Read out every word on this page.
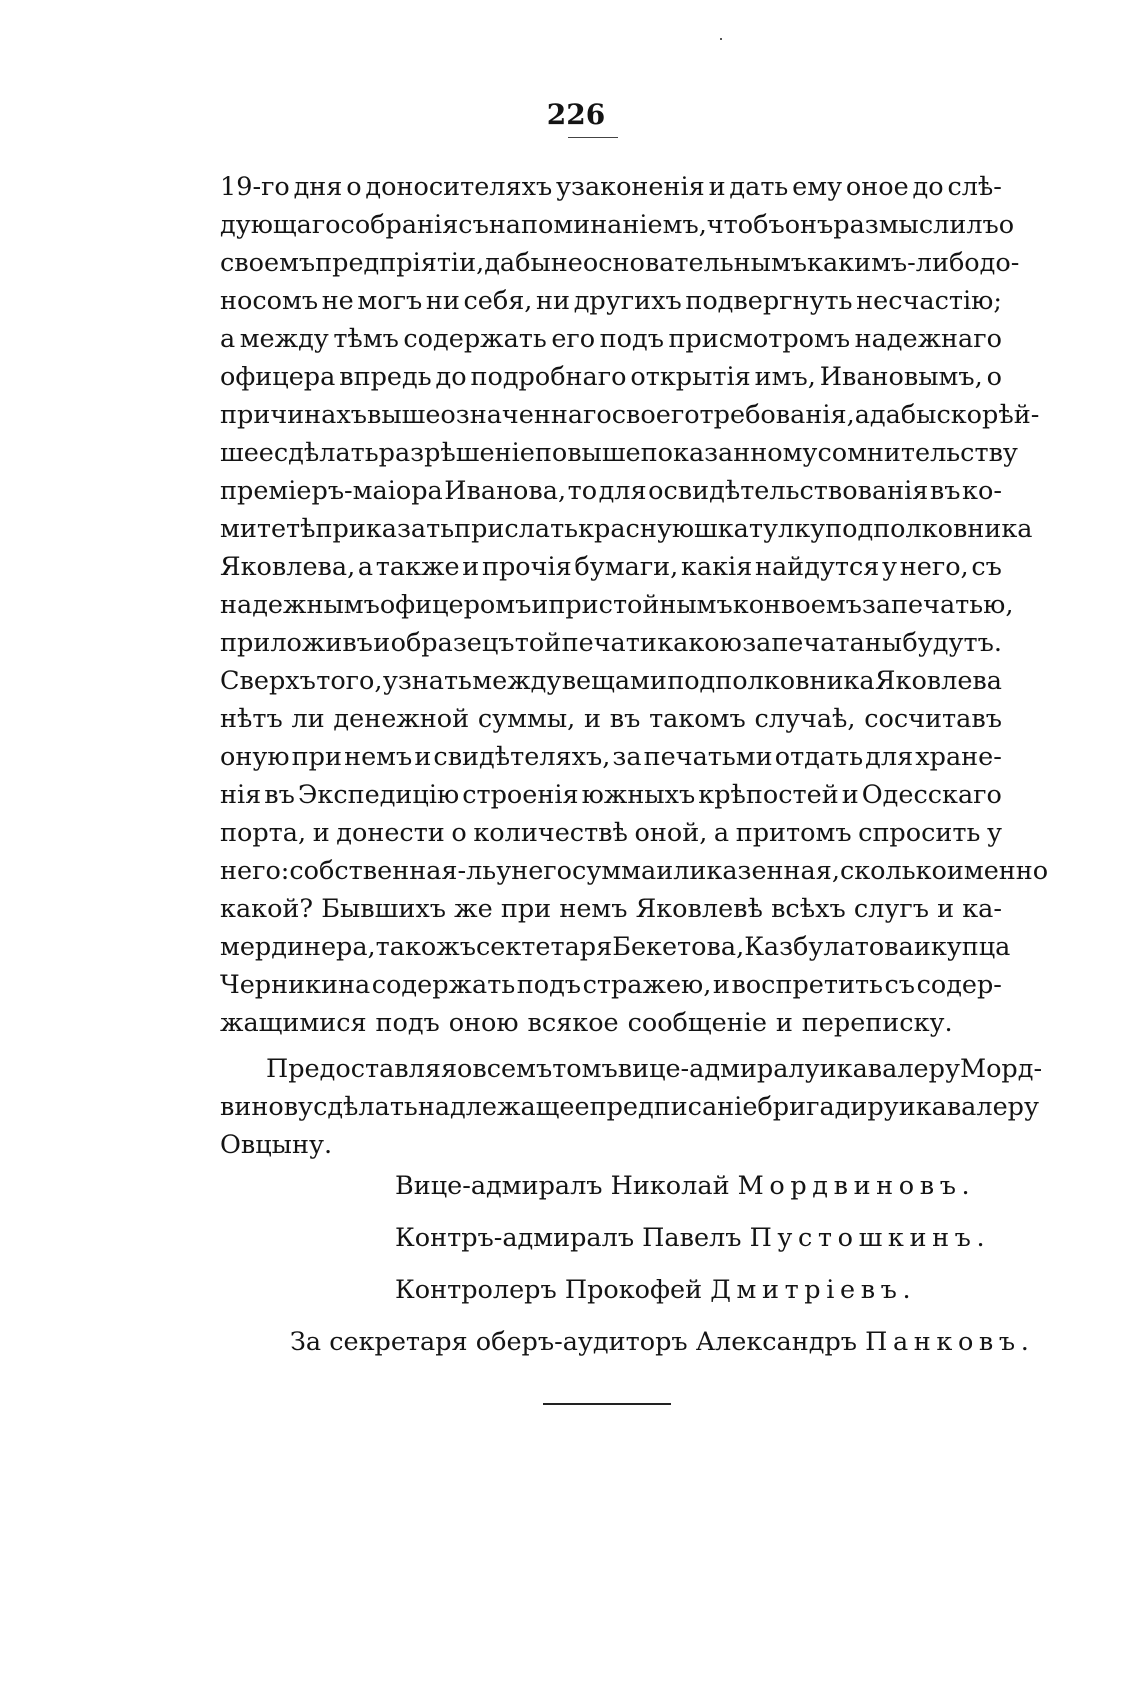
226
19-го дня о доносителяхъ узаконенія и дать ему оное до слѣ-
дующаго собранія съ напоминаніемъ, чтобъ онъ размыслилъ о
своемъ предпріятіи, дабы неосновательнымъ какимъ-либо до-
носомъ не могъ ни себя, ни другихъ подвергнуть несчастію;
а между тѣмъ содержать его подъ присмотромъ надежнаго
офицера впредь до подробнаго открытія имъ, Ивановымъ, о
причинахъ вышеозначеннаго своего требованія, а дабы скорѣй-
шее сдѣлать разрѣшеніе по вышепоказанному сомнительству
преміеръ-маіора Иванова, то для освидѣтельствованія въ ко-
митетѣ приказать прислать красную шкатулку подполковника
Яковлева, а также и прочія бумаги, какія найдутся у него, съ
надежнымъ офицеромъ и пристойнымъ конвоемъ за печатью,
приложивъ и образецъ той печати какою запечатаны будутъ.
Сверхъ того, узнать между вещами подполковника Яковлева
нѣтъ ли денежной суммы, и въ такомъ случаѣ, сосчитавъ
оную при немъ и свидѣтеляхъ, за печатьми отдать для хране-
нія въ Экспедицію строенія южныхъ крѣпостей и Одесскаго
порта, и донести о количествѣ оной, а притомъ спросить у
него: собственная-ль у него сумма или казенная, сколько именно
какой? Бывшихъ же при немъ Яковлевѣ всѣхъ слугъ и ка-
мердинера, такожъ сектетаря Бекетова, Казбулатова и купца
Черникина содержать подъ стражею, и воспретить съ содер-
жащимися подъ оною всякое сообщеніе и переписку.
Предоставляя о всемъ томъ вице-адмиралу и кавалеру Морд-
винову сдѣлать надлежащее предписаніе бригадиру и кавалеру
Овцыну.
Вице-адмиралъ Николай Мордвиновъ.
Контръ-адмиралъ Павелъ Пустошкинъ.
Контролеръ Прокофей Дмитріевъ.
За секретаря оберъ-аудиторъ Александръ Панковъ.
